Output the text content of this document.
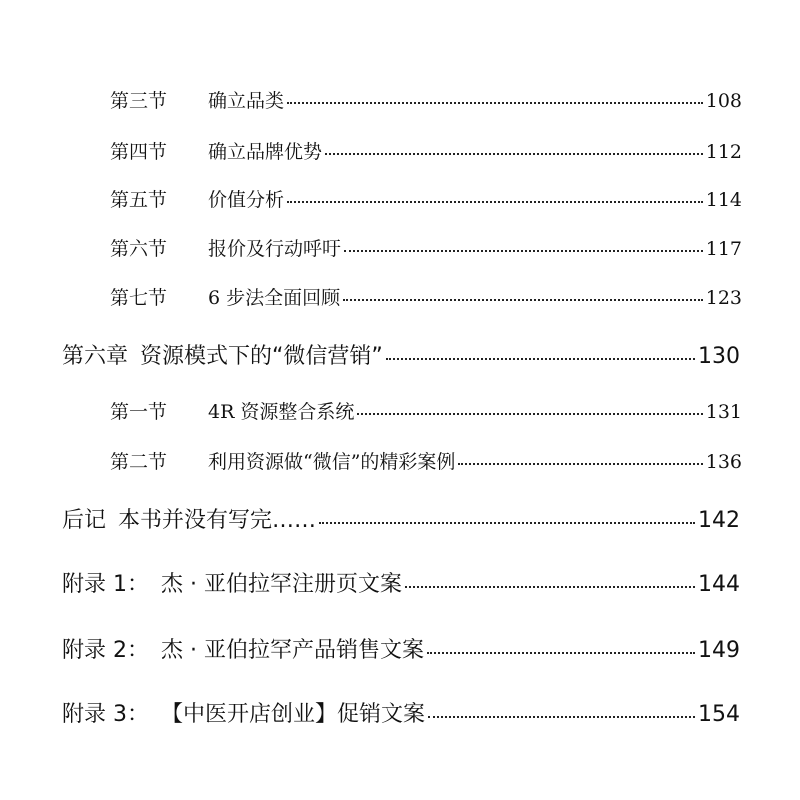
第三节	确立品类	108
第四节	确立品牌优势	112
第五节	价值分析	114
第六节	报价及行动呼吁	117
第七节	6 步法全面回顾	123
第六章 资源模式下的“微信营销”	130
第一节	4R 资源整合系统	131
第二节	利用资源做“微信”的精彩案例	136
后记 本书并没有写完……	142
附录 1： 杰 · 亚伯拉罕注册页文案	144
附录 2： 杰 · 亚伯拉罕产品销售文案	149
附录 3： 【中医开店创业】促销文案	154
